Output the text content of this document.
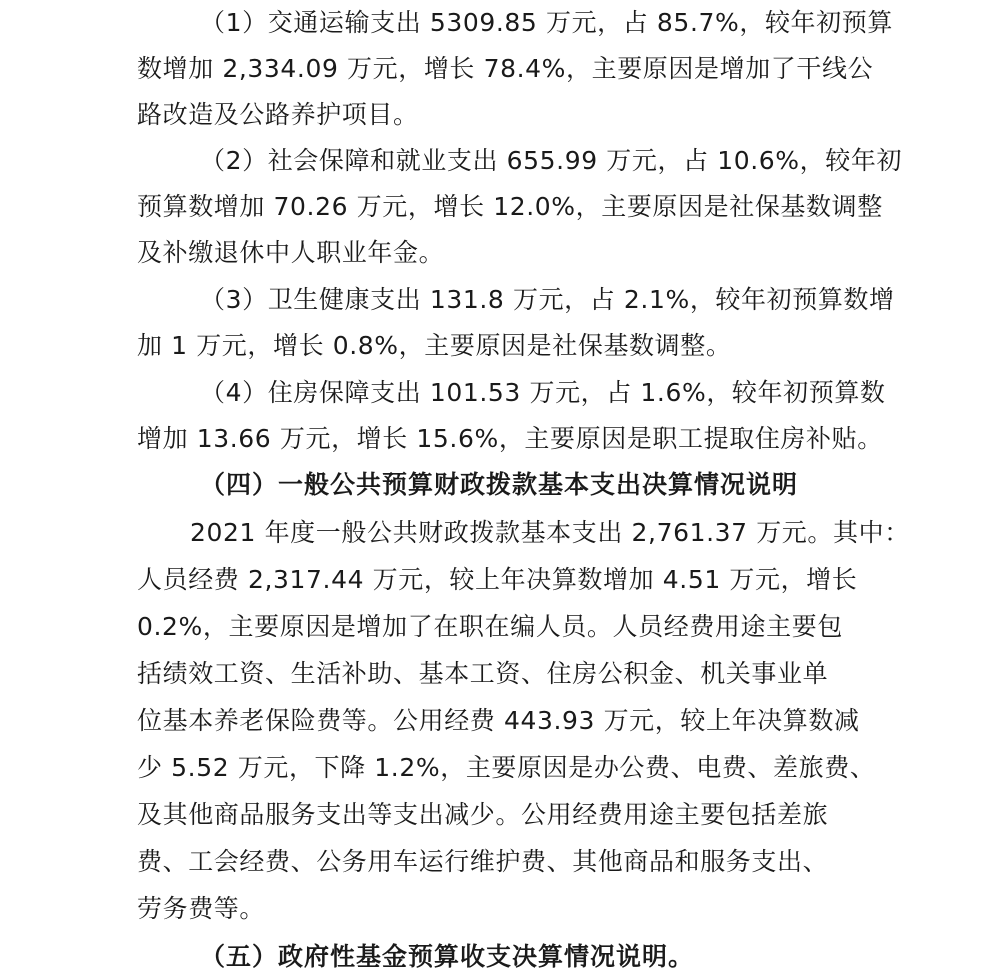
（1）交通运输支出 5309.85 万元，占 85.7%，较年初预算
数增加 2,334.09 万元，增长 78.4%，主要原因是增加了干线公
路改造及公路养护项目。
（2）社会保障和就业支出 655.99 万元，占 10.6%，较年初
预算数增加 70.26 万元，增长 12.0%，主要原因是社保基数调整
及补缴退休中人职业年金。
（3）卫生健康支出 131.8 万元，占 2.1%，较年初预算数增
加 1 万元，增长 0.8%，主要原因是社保基数调整。
（4）住房保障支出 101.53 万元，占 1.6%，较年初预算数
增加 13.66 万元，增长 15.6%，主要原因是职工提取住房补贴。
（四）一般公共预算财政拨款基本支出决算情况说明
2021 年度一般公共财政拨款基本支出 2,761.37 万元。其中：
人员经费 2,317.44 万元，较上年决算数增加 4.51 万元，增长
0.2%，主要原因是增加了在职在编人员。人员经费用途主要包
括绩效工资、生活补助、基本工资、住房公积金、机关事业单
位基本养老保险费等。公用经费 443.93 万元，较上年决算数减
少 5.52 万元，下降 1.2%，主要原因是办公费、电费、差旅费、
及其他商品服务支出等支出减少。公用经费用途主要包括差旅
费、工会经费、公务用车运行维护费、其他商品和服务支出、
劳务费等。
（五）政府性基金预算收支决算情况说明。
